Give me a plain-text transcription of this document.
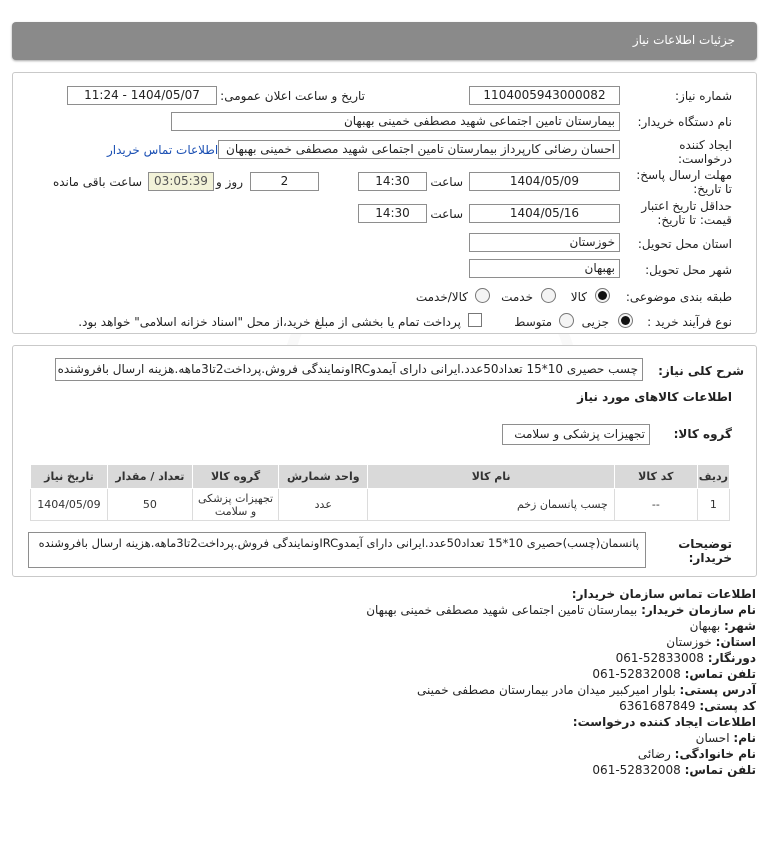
جزئیات اطلاعات نیاز
شماره نیاز:
1104005943000082
تاریخ و ساعت اعلان عمومی:
1404/05/07 - 11:24
نام دستگاه خریدار:
بیمارستان تامین اجتماعی شهید مصطفی خمینی بهبهان
ایجاد کننده
درخواست:
احسان رضائی کارپرداز بیمارستان تامین اجتماعی شهید مصطفی خمینی بهبهان
اطلاعات تماس خریدار
مهلت ارسال پاسخ:
تا تاریخ:
1404/05/09
ساعت
14:30
2
روز و
03:05:39
ساعت باقی مانده
حداقل تاریخ اعتبار
قیمت: تا تاریخ:
1404/05/16
ساعت
14:30
استان محل تحویل:
خوزستان
شهر محل تحویل:
بهبهان
طبقه بندی موضوعی:
کالا
خدمت
کالا/خدمت
نوع فرآیند خرید :
جزیی
متوسط
پرداخت تمام یا بخشی از مبلغ خرید،از محل "اسناد خزانه اسلامی" خواهد بود.
شرح کلی نیاز:
چسب حصیری 10*15 تعداد50عدد.ایرانی دارای آیمدوIRCونمایندگی فروش.پرداخت2تا3ماهه.هزینه ارسال بافروشنده
اطلاعات کالاهای مورد نیاز
گروه کالا:
تجهیزات پزشکی و سلامت
ردیف	کد کالا	نام کالا	واحد شمارش	گروه کالا	تعداد / مقدار	تاریخ نیاز
1	--	چسب پانسمان زخم	عدد	تجهیزات پزشکی و سلامت	50	1404/05/09
توضیحات
خریدار:
پانسمان(چسب)حصیری 10*15 تعداد50عدد.ایرانی دارای آیمدوIRCونمایندگی فروش.پرداخت2تا3ماهه.هزینه ارسال بافروشنده
اطلاعات تماس سازمان خریدار:
نام سازمان خریدار: بیمارستان تامین اجتماعی شهید مصطفی خمینی بهبهان
شهر: بهبهان
استان: خوزستان
دورنگار: 061-52833008
تلفن تماس: 061-52832008
آدرس پستی: بلوار امیرکبیر میدان مادر بیمارستان مصطفی خمینی
کد پستی: 6361687849
اطلاعات ایجاد کننده درخواست:
نام: احسان
نام خانوادگی: رضائی
تلفن تماس: 061-52832008
